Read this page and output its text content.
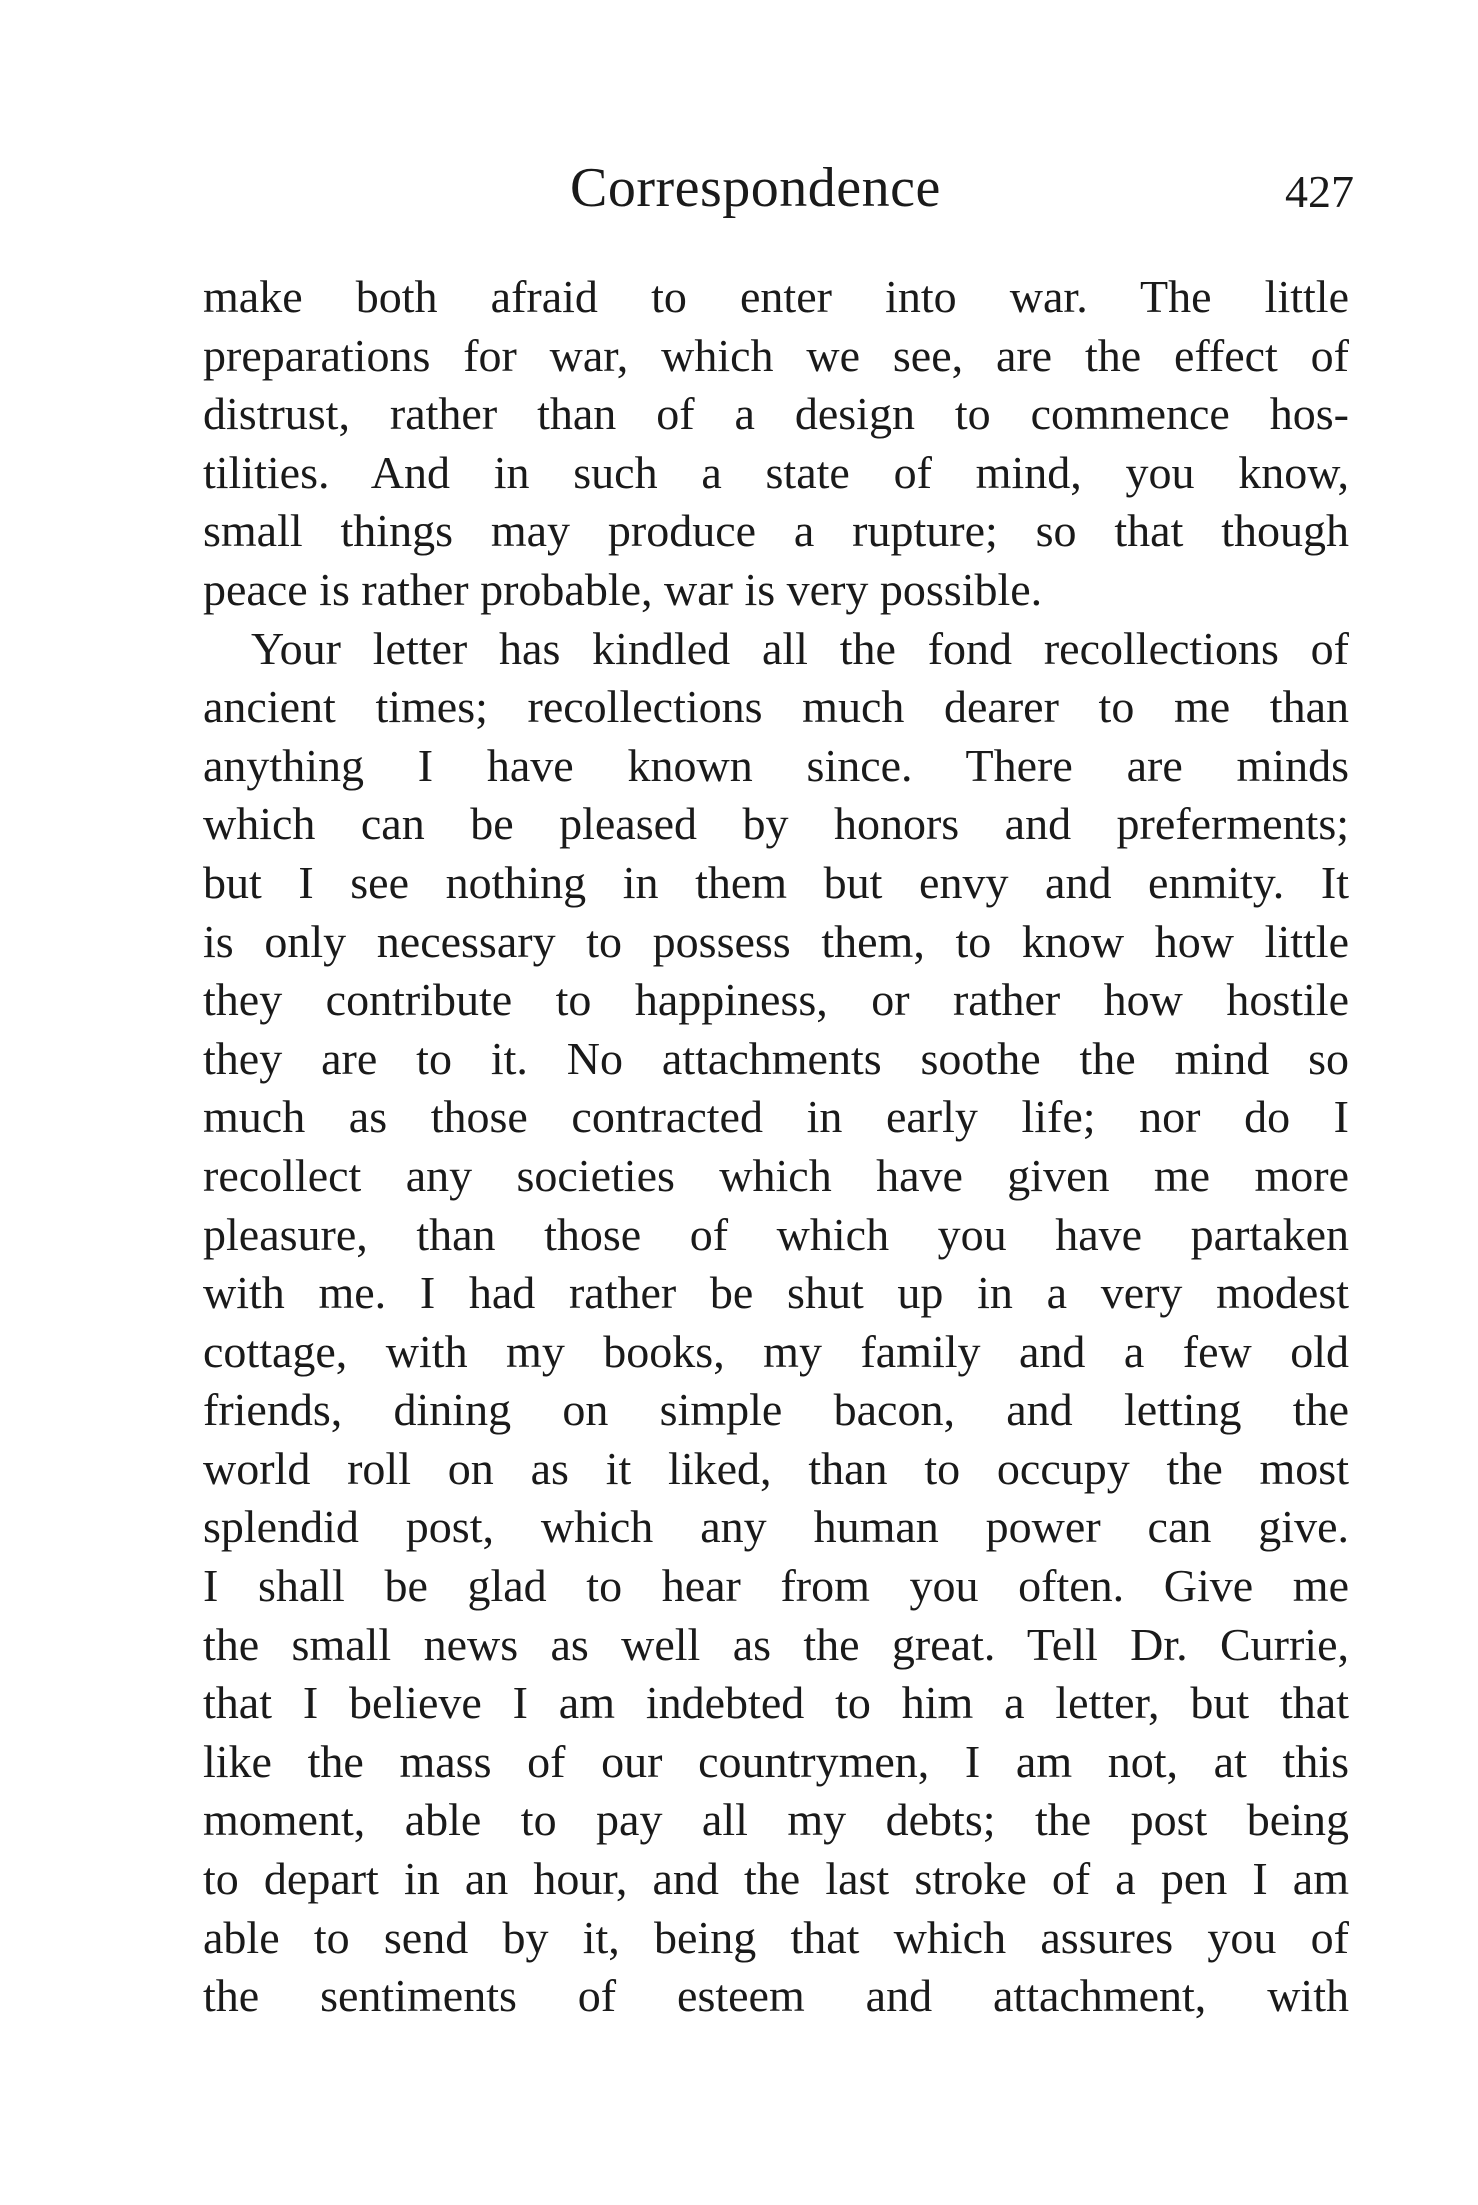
Correspondence	427
make both afraid to enter into war. The little
preparations for war, which we see, are the effect of
distrust, rather than of a design to commence hos-
tilities. And in such a state of mind, you know,
small things may produce a rupture; so that though
peace is rather probable, war is very possible.
Your letter has kindled all the fond recollections of
ancient times; recollections much dearer to me than
anything I have known since. There are minds
which can be pleased by honors and preferments;
but I see nothing in them but envy and enmity. It
is only necessary to possess them, to know how little
they contribute to happiness, or rather how hostile
they are to it. No attachments soothe the mind so
much as those contracted in early life; nor do I
recollect any societies which have given me more
pleasure, than those of which you have partaken
with me. I had rather be shut up in a very modest
cottage, with my books, my family and a few old
friends, dining on simple bacon, and letting the
world roll on as it liked, than to occupy the most
splendid post, which any human power can give.
I shall be glad to hear from you often. Give me
the small news as well as the great. Tell Dr. Currie,
that I believe I am indebted to him a letter, but that
like the mass of our countrymen, I am not, at this
moment, able to pay all my debts; the post being
to depart in an hour, and the last stroke of a pen I am
able to send by it, being that which assures you of
the sentiments of esteem and attachment, with
